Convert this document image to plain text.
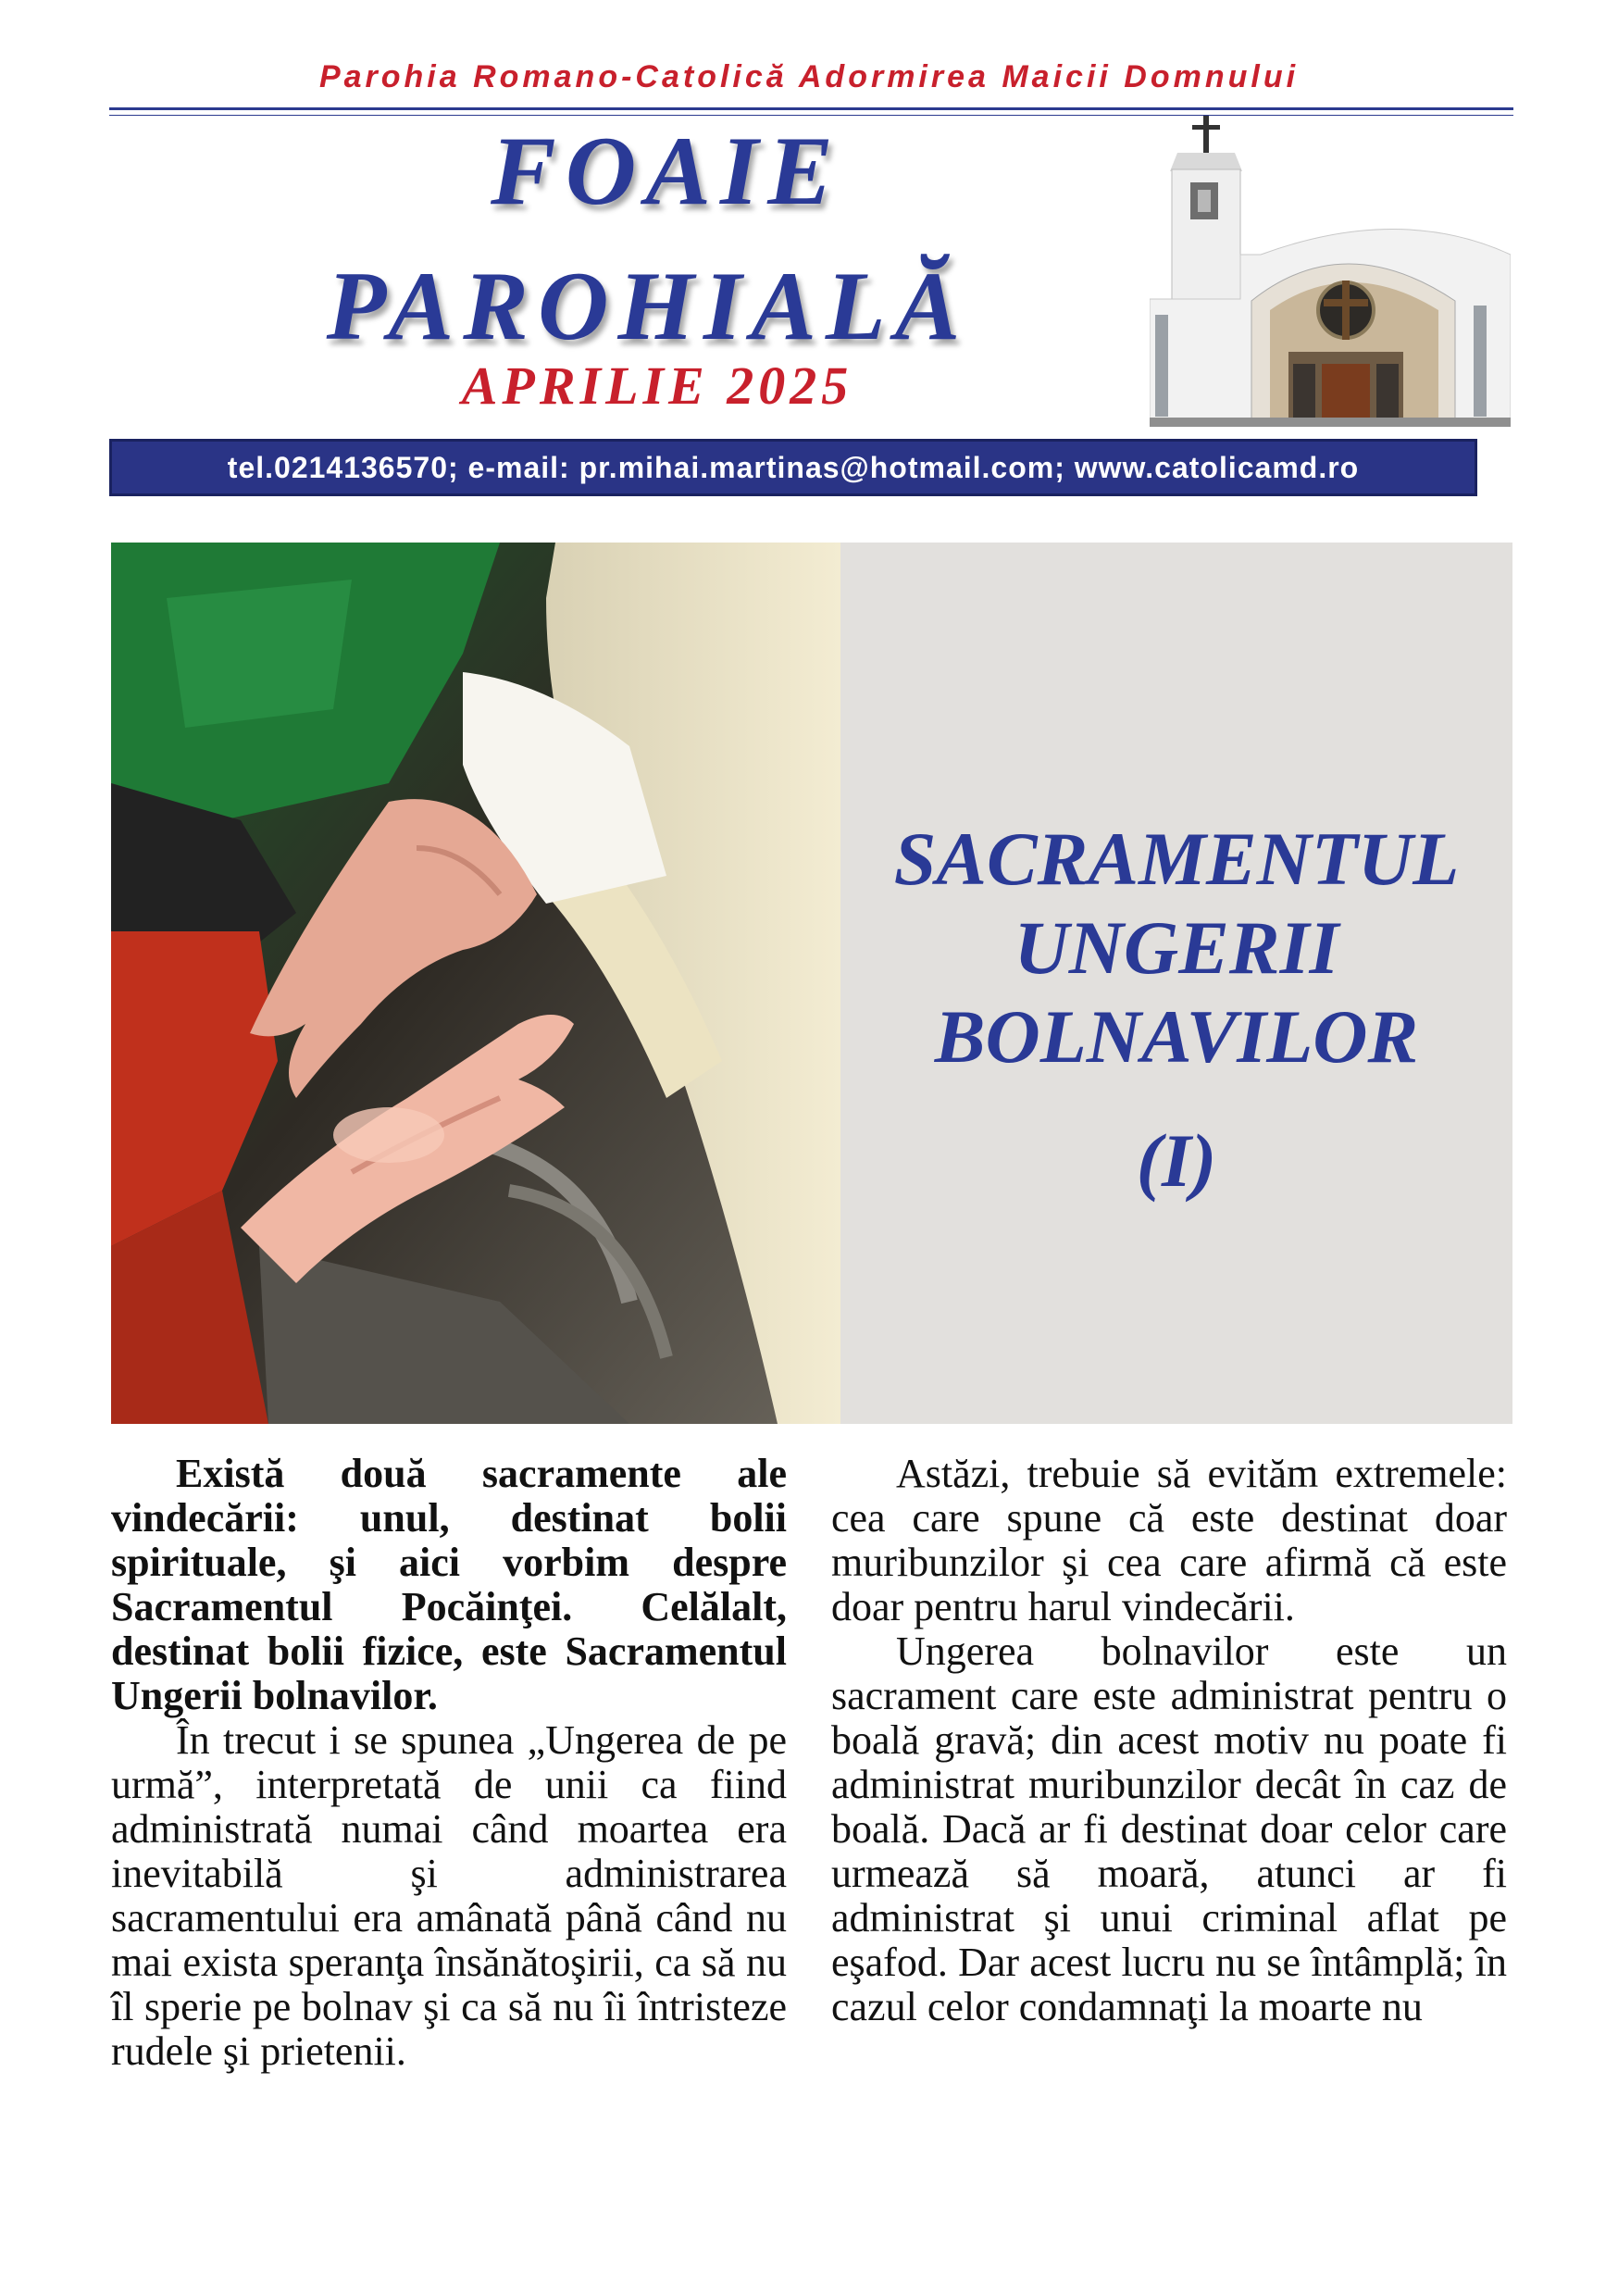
Parohia Romano-Catolică Adormirea Maicii Domnului
FOAIE
PAROHIALĂ
APRILIE 2025
tel.0214136570; e-mail: pr.mihai.martinas@hotmail.com; www.catolicamd.ro
SACRAMENTUL
UNGERII
BOLNAVILOR
(I)

Există două sacramente ale vindecării: unul, destinat bolii spirituale, şi aici vorbim despre Sacramentul Pocăinţei. Celălalt, destinat bolii fizice, este Sacramentul Ungerii bolnavilor.

În trecut i se spunea „Ungerea de pe urmă”, interpretată de unii ca fiind administrată numai când moartea era inevitabilă şi administrarea sacramentului era amânată până când nu mai exista speranţa însănătoşirii, ca să nu îl sperie pe bolnav şi ca să nu îi întristeze rudele şi prietenii.

Astăzi, trebuie să evităm extremele: cea care spune că este destinat doar muribunzilor şi cea care afirmă că este doar pentru harul vindecării.

Ungerea bolnavilor este un sacrament care este administrat pentru o boală gravă; din acest motiv nu poate fi administrat muribunzilor decât în caz de boală. Dacă ar fi destinat doar celor care urmează să moară, atunci ar fi administrat şi unui criminal aflat pe eşafod. Dar acest lucru nu se întâmplă; în cazul celor condamnaţi la moarte nu
